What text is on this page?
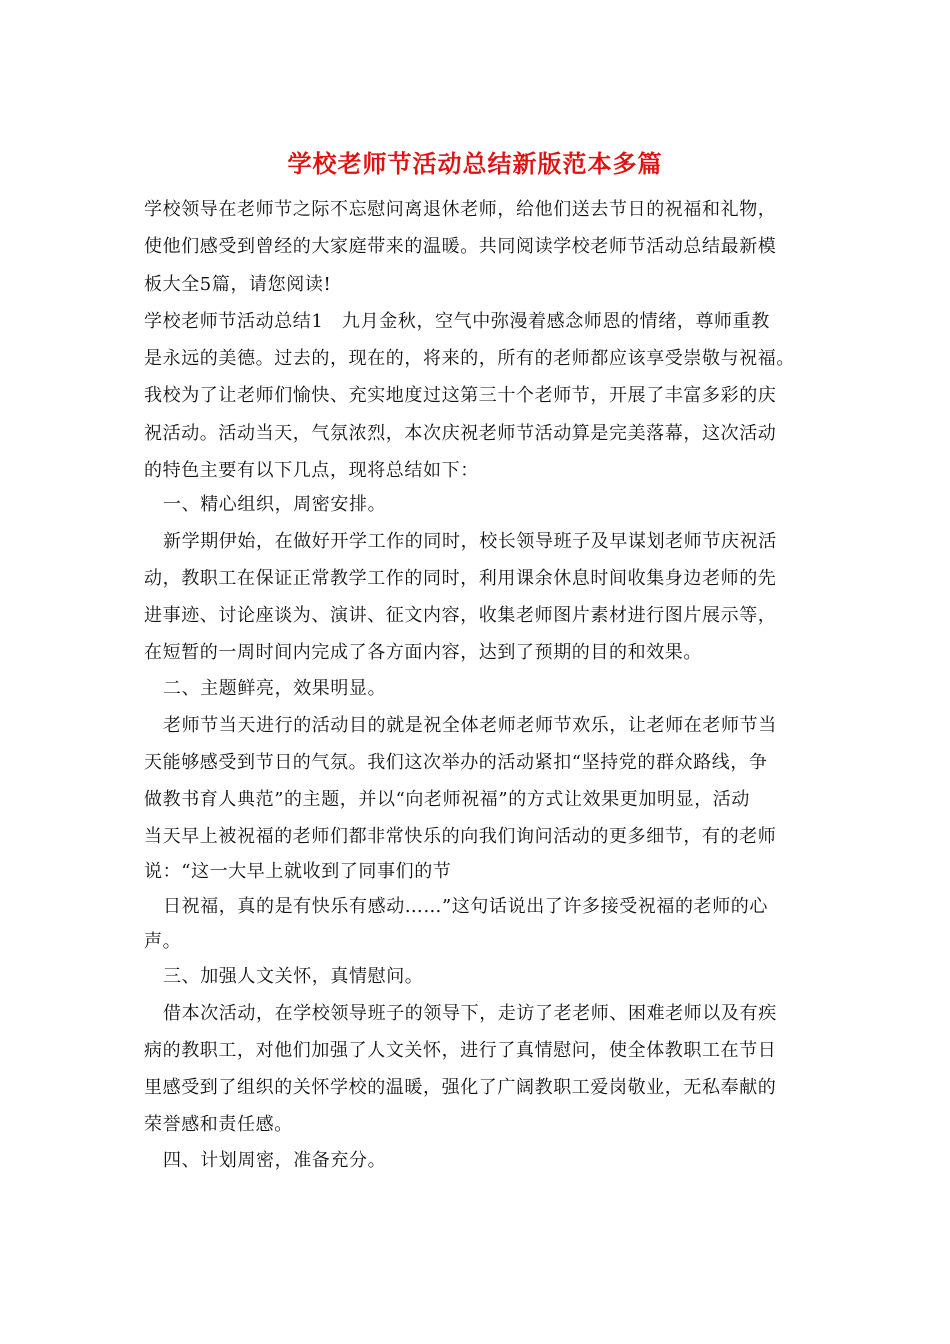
学校老师节活动总结新版范本多篇
学校领导在老师节之际不忘慰问离退休老师，给他们送去节日的祝福和礼物，
使他们感受到曾经的大家庭带来的温暖。共同阅读学校老师节活动总结最新模
板大全5篇，请您阅读!
学校老师节活动总结1　九月金秋，空气中弥漫着感念师恩的情绪，尊师重教
是永远的美德。过去的，现在的，将来的，所有的老师都应该享受崇敬与祝福。
我校为了让老师们愉快、充实地度过这第三十个老师节，开展了丰富多彩的庆
祝活动。活动当天，气氛浓烈，本次庆祝老师节活动算是完美落幕，这次活动
的特色主要有以下几点，现将总结如下：
一、精心组织，周密安排。
新学期伊始，在做好开学工作的同时，校长领导班子及早谋划老师节庆祝活
动，教职工在保证正常教学工作的同时，利用课余休息时间收集身边老师的先
进事迹、讨论座谈为、演讲、征文内容，收集老师图片素材进行图片展示等，
在短暂的一周时间内完成了各方面内容，达到了预期的目的和效果。
二、主题鲜亮，效果明显。
老师节当天进行的活动目的就是祝全体老师老师节欢乐，让老师在老师节当
天能够感受到节日的气氛。我们这次举办的活动紧扣“坚持党的群众路线，争
做教书育人典范”的主题，并以“向老师祝福”的方式让效果更加明显，活动
当天早上被祝福的老师们都非常快乐的向我们询问活动的更多细节，有的老师
说：“这一大早上就收到了同事们的节
日祝福，真的是有快乐有感动……”这句话说出了许多接受祝福的老师的心
声。
三、加强人文关怀，真情慰问。
借本次活动，在学校领导班子的领导下，走访了老老师、困难老师以及有疾
病的教职工，对他们加强了人文关怀，进行了真情慰问，使全体教职工在节日
里感受到了组织的关怀学校的温暖，强化了广阔教职工爱岗敬业，无私奉献的
荣誉感和责任感。
四、计划周密，准备充分。
